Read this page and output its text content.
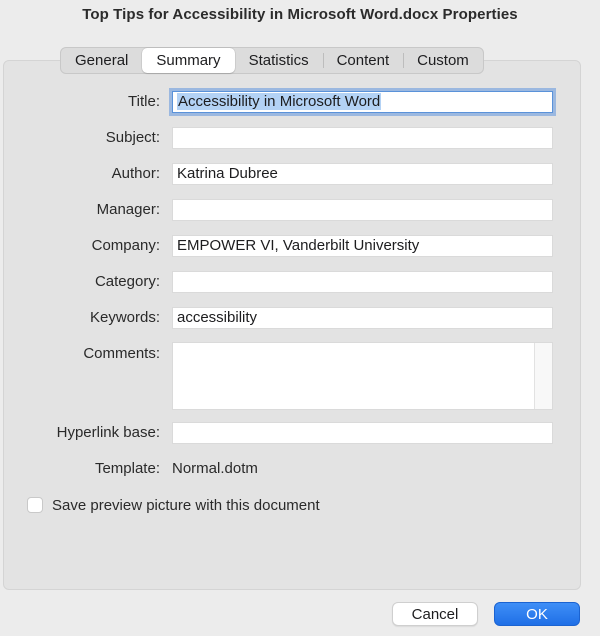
Top Tips for Accessibility in Microsoft Word.docx Properties
General	Summary	Statistics	Content	Custom
Title:	Accessibility in Microsoft Word
Subject:
Author:	Katrina Dubree
Manager:
Company:	EMPOWER VI, Vanderbilt University
Category:
Keywords:	accessibility
Comments:
Hyperlink base:
Template: Normal.dotm
Save preview picture with this document
Cancel	OK
